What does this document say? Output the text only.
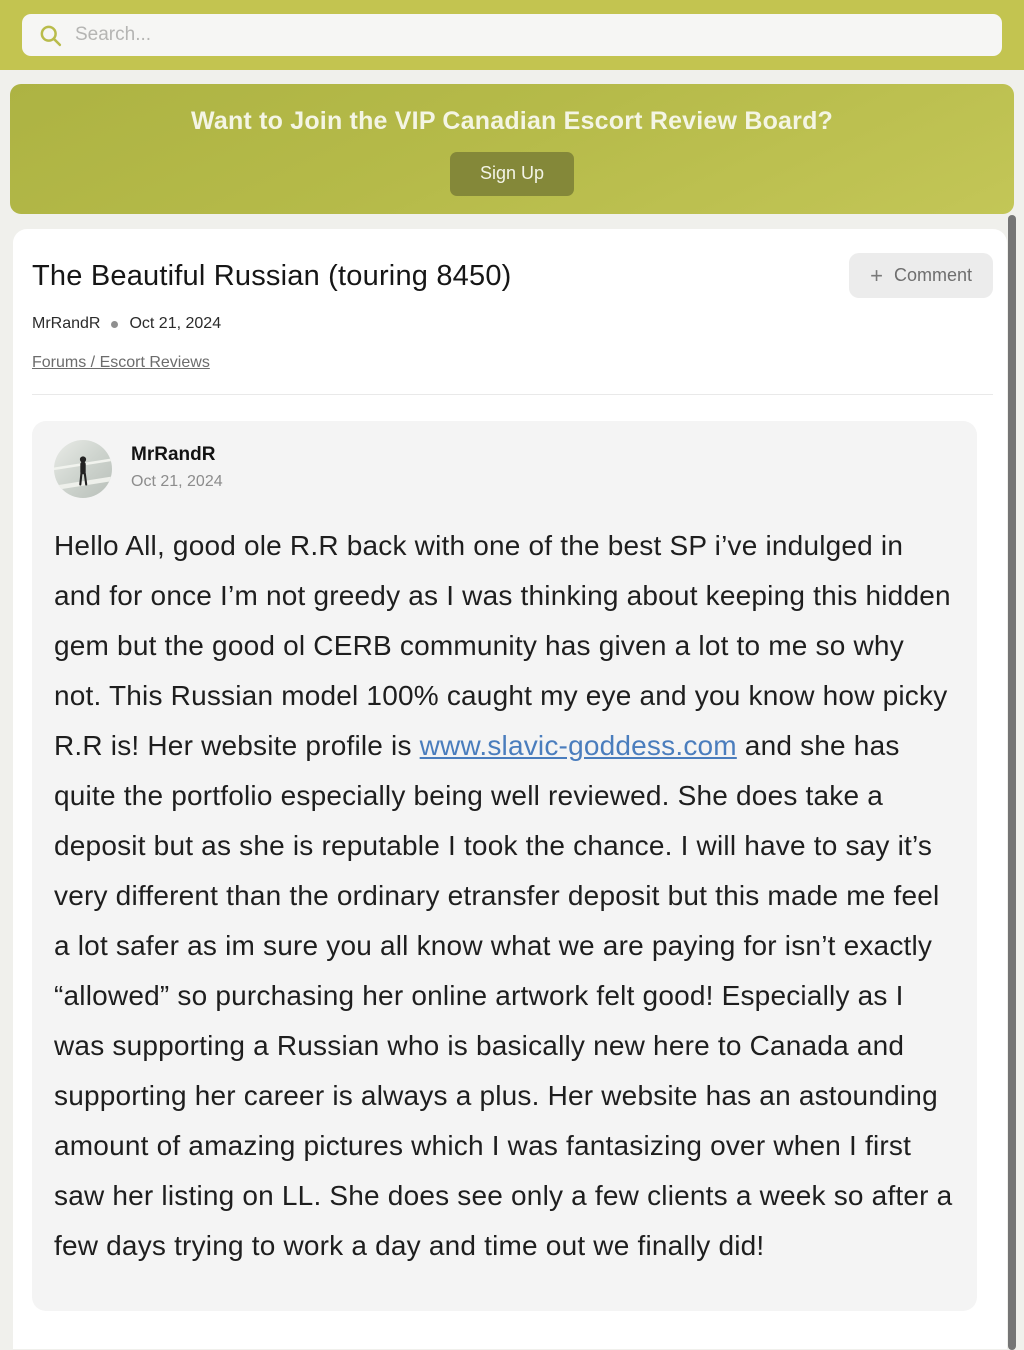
Search...
Want to Join the VIP Canadian Escort Review Board?
Sign Up
The Beautiful Russian (touring 8450)	+ Comment
MrRandR Oct 21, 2024
Forums / Escort Reviews
MrRandR
Oct 21, 2024
Hello All, good ole R.R back with one of the best SP i’ve indulged in and for once I’m not greedy as I was thinking about keeping this hidden gem but the good ol CERB community has given a lot to me so why not. This Russian model 100% caught my eye and you know how picky R.R is! Her website profile is www.slavic-goddess.com and she has quite the portfolio especially being well reviewed. She does take a deposit but as she is reputable I took the chance. I will have to say it’s very different than the ordinary etransfer deposit but this made me feel a lot safer as im sure you all know what we are paying for isn’t exactly “allowed” so purchasing her online artwork felt good! Especially as I was supporting a Russian who is basically new here to Canada and supporting her career is always a plus. Her website has an astounding amount of amazing pictures which I was fantasizing over when I first saw her listing on LL. She does see only a few clients a week so after a few days trying to work a day and time out we finally did!
